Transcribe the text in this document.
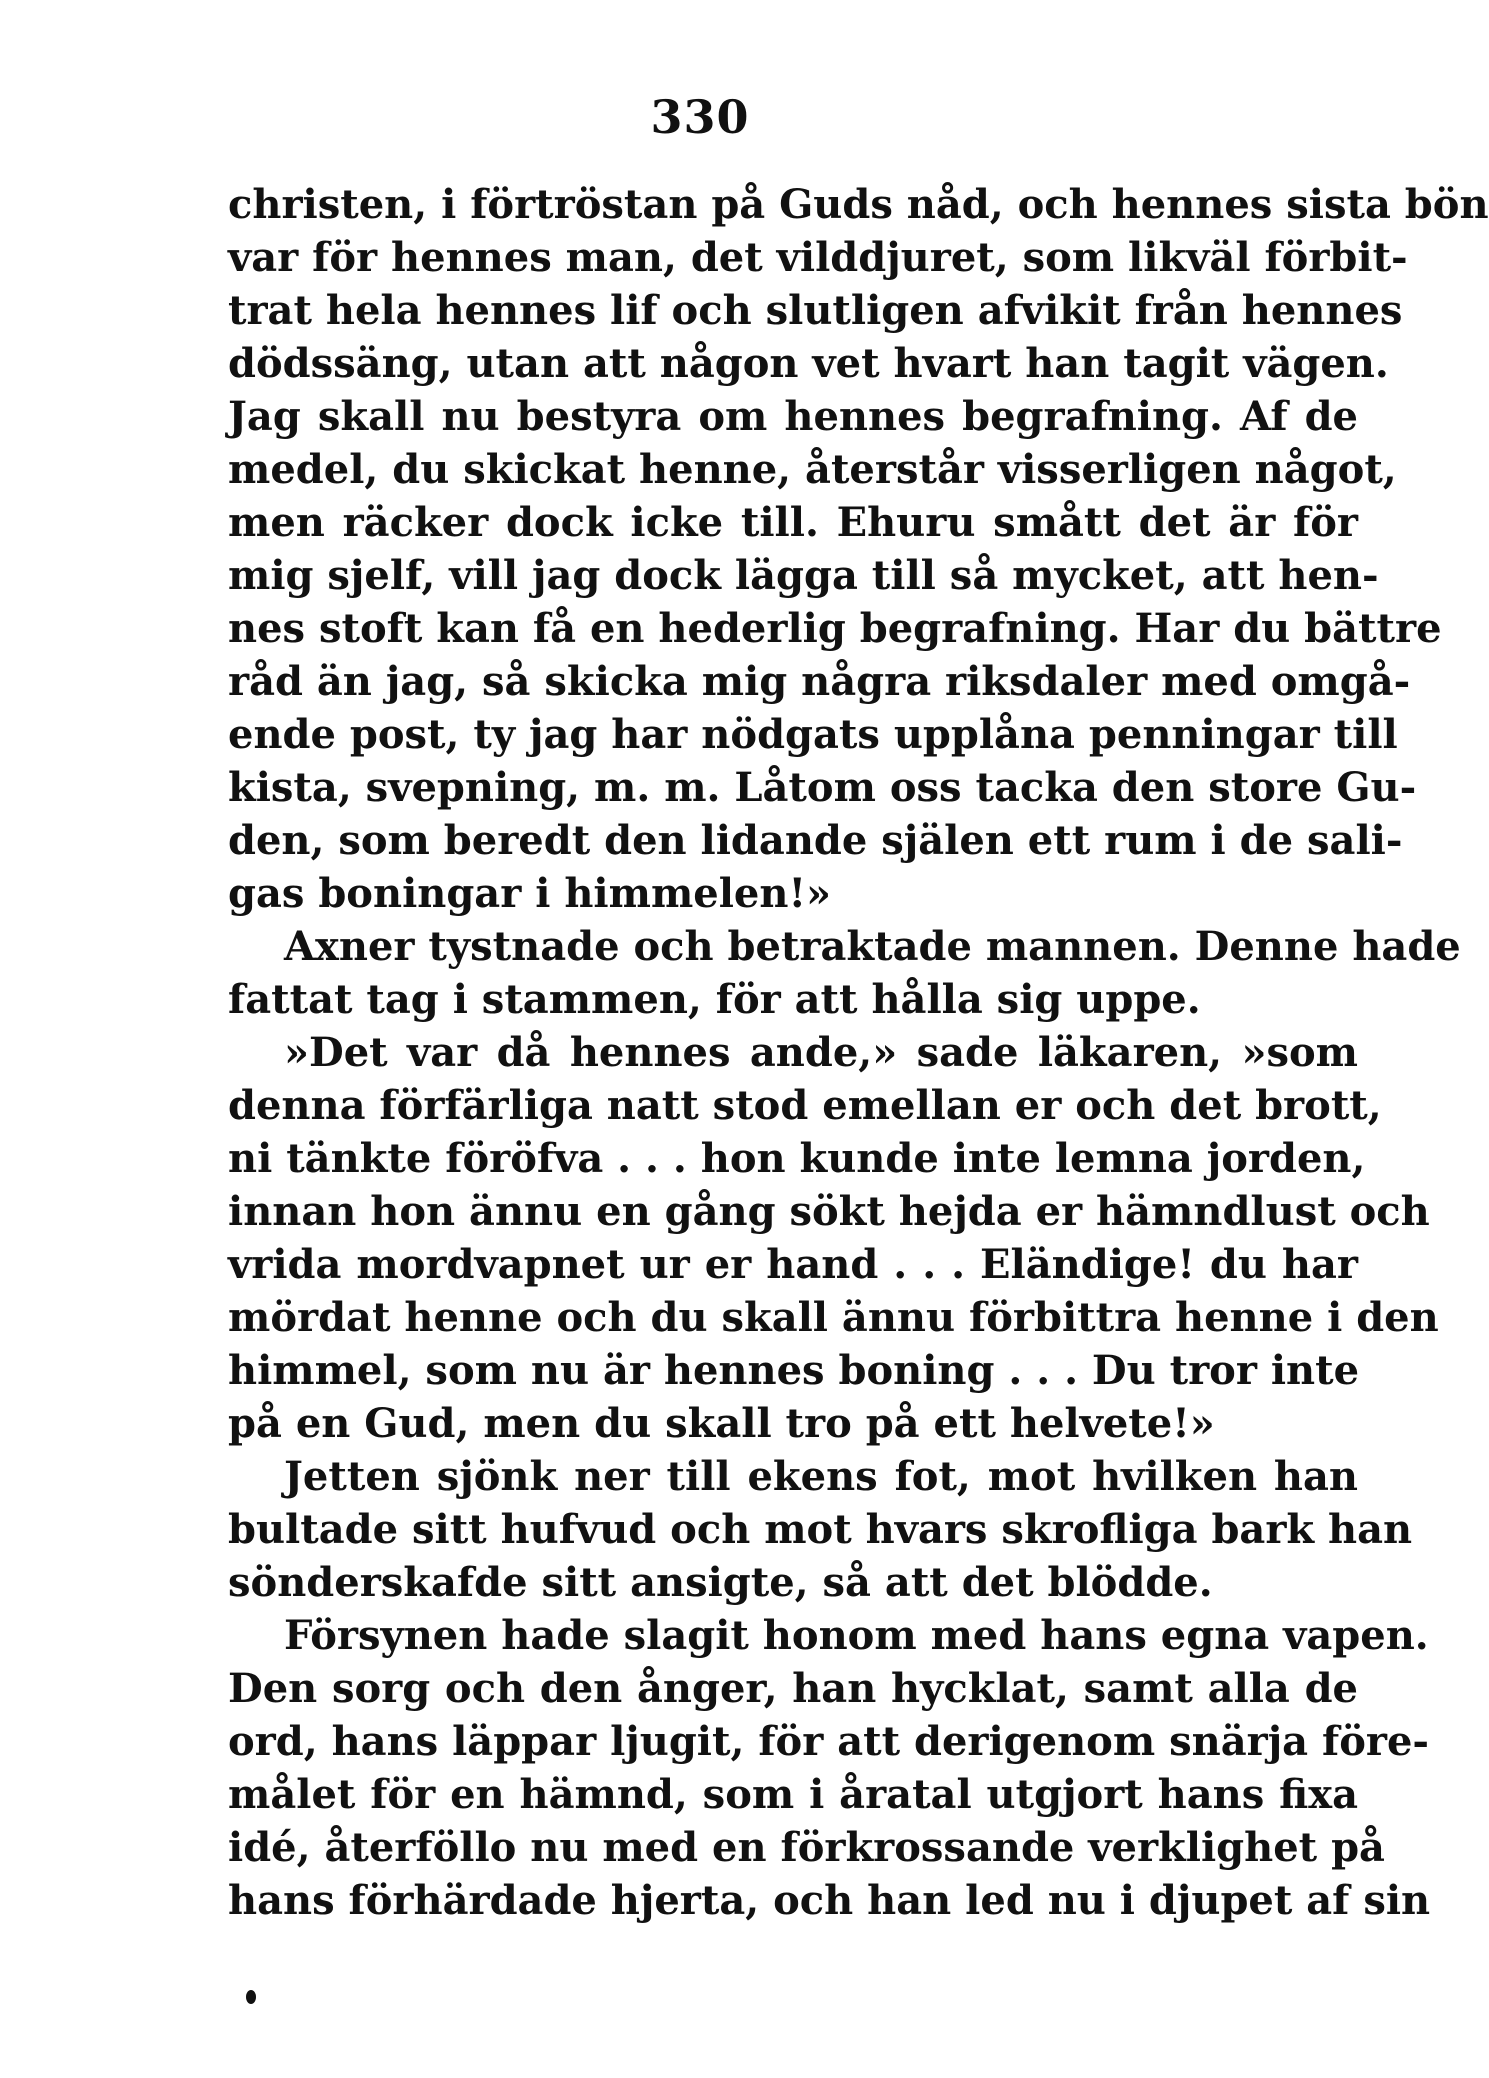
330
christen, i förtröstan på Guds nåd, och hennes sista bön
var för hennes man, det vilddjuret, som likväl förbit-
trat hela hennes lif och slutligen afvikit från hennes
dödssäng, utan att någon vet hvart han tagit vägen.
Jag skall nu bestyra om hennes begrafning. Af de
medel, du skickat henne, återstår visserligen något,
men räcker dock icke till. Ehuru smått det är för
mig sjelf, vill jag dock lägga till så mycket, att hen-
nes stoft kan få en hederlig begrafning. Har du bättre
råd än jag, så skicka mig några riksdaler med omgå-
ende post, ty jag har nödgats upplåna penningar till
kista, svepning, m. m. Låtom oss tacka den store Gu-
den, som beredt den lidande själen ett rum i de sali-
gas boningar i himmelen!»
Axner tystnade och betraktade mannen. Denne hade
fattat tag i stammen, för att hålla sig uppe.
»Det var då hennes ande,» sade läkaren, »som
denna förfärliga natt stod emellan er och det brott,
ni tänkte föröfva . . . hon kunde inte lemna jorden,
innan hon ännu en gång sökt hejda er hämndlust och
vrida mordvapnet ur er hand . . . Eländige! du har
mördat henne och du skall ännu förbittra henne i den
himmel, som nu är hennes boning . . . Du tror inte
på en Gud, men du skall tro på ett helvete!»
Jetten sjönk ner till ekens fot, mot hvilken han
bultade sitt hufvud och mot hvars skrofliga bark han
sönderskafde sitt ansigte, så att det blödde.
Försynen hade slagit honom med hans egna vapen.
Den sorg och den ånger, han hycklat, samt alla de
ord, hans läppar ljugit, för att derigenom snärja före-
målet för en hämnd, som i åratal utgjort hans fixa
idé, återföllo nu med en förkrossande verklighet på
hans förhärdade hjerta, och han led nu i djupet af sin
